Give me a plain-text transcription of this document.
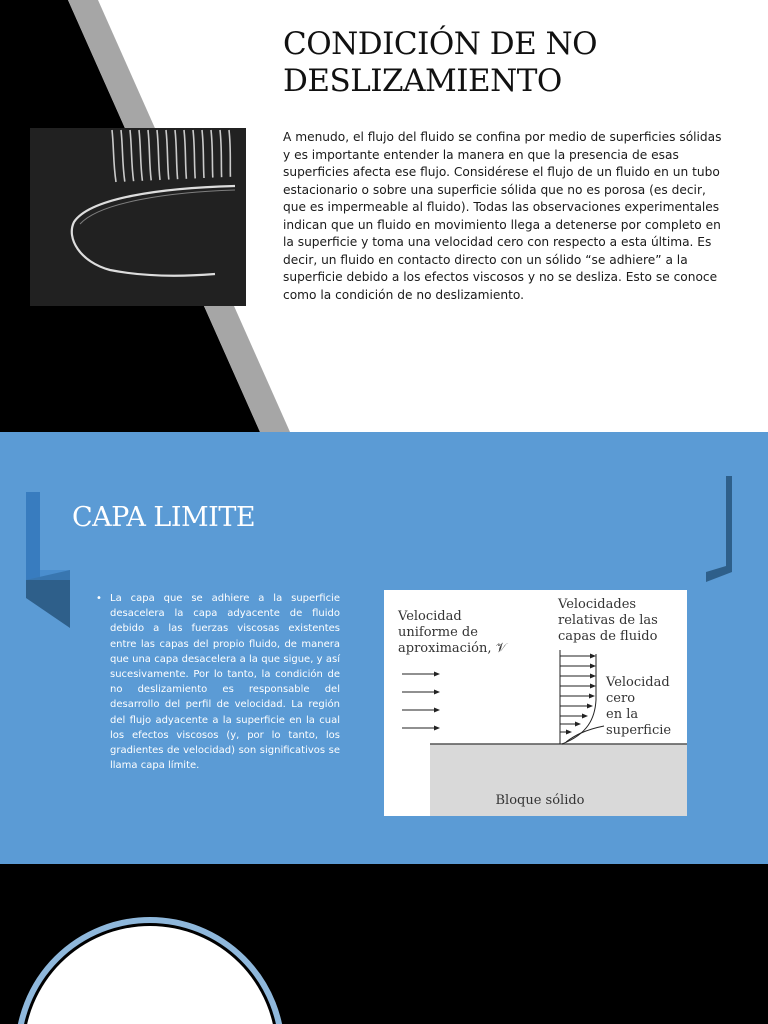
CONDICIÓN DE NO DESLIZAMIENTO

A menudo, el flujo del fluido se confina por medio de superficies sólidas y es importante entender la manera en que la presencia de esas superficies afecta ese flujo. Considérese el flujo de un fluido en un tubo estacionario o sobre una superficie sólida que no es porosa (es decir, que es impermeable al fluido). Todas las observaciones experimentales indican que un fluido en movimiento llega a detenerse por completo en la superficie y toma una velocidad cero con respecto a esta última. Es decir, un fluido en contacto directo con un sólido “se adhiere” a la superficie debido a los efectos viscosos y no se desliza. Esto se conoce como la condición de no deslizamiento.

CAPA LIMITE
• La capa que se adhiere a la superficie desacelera la capa adyacente de fluido debido a las fuerzas viscosas existentes entre las capas del propio fluido, de manera que una capa desacelera a la que sigue, y así sucesivamente. Por lo tanto, la condición de no deslizamiento es responsable del desarrollo del perfil de velocidad. La región del flujo adyacente a la superficie en la cual los efectos viscosos (y, por lo tanto, los gradientes de velocidad) son significativos se llama capa límite.
Velocidad uniforme de aproximación, 𝒱
Velocidades relativas de las capas de fluido
Velocidad cero en la superficie
Bloque sólido
